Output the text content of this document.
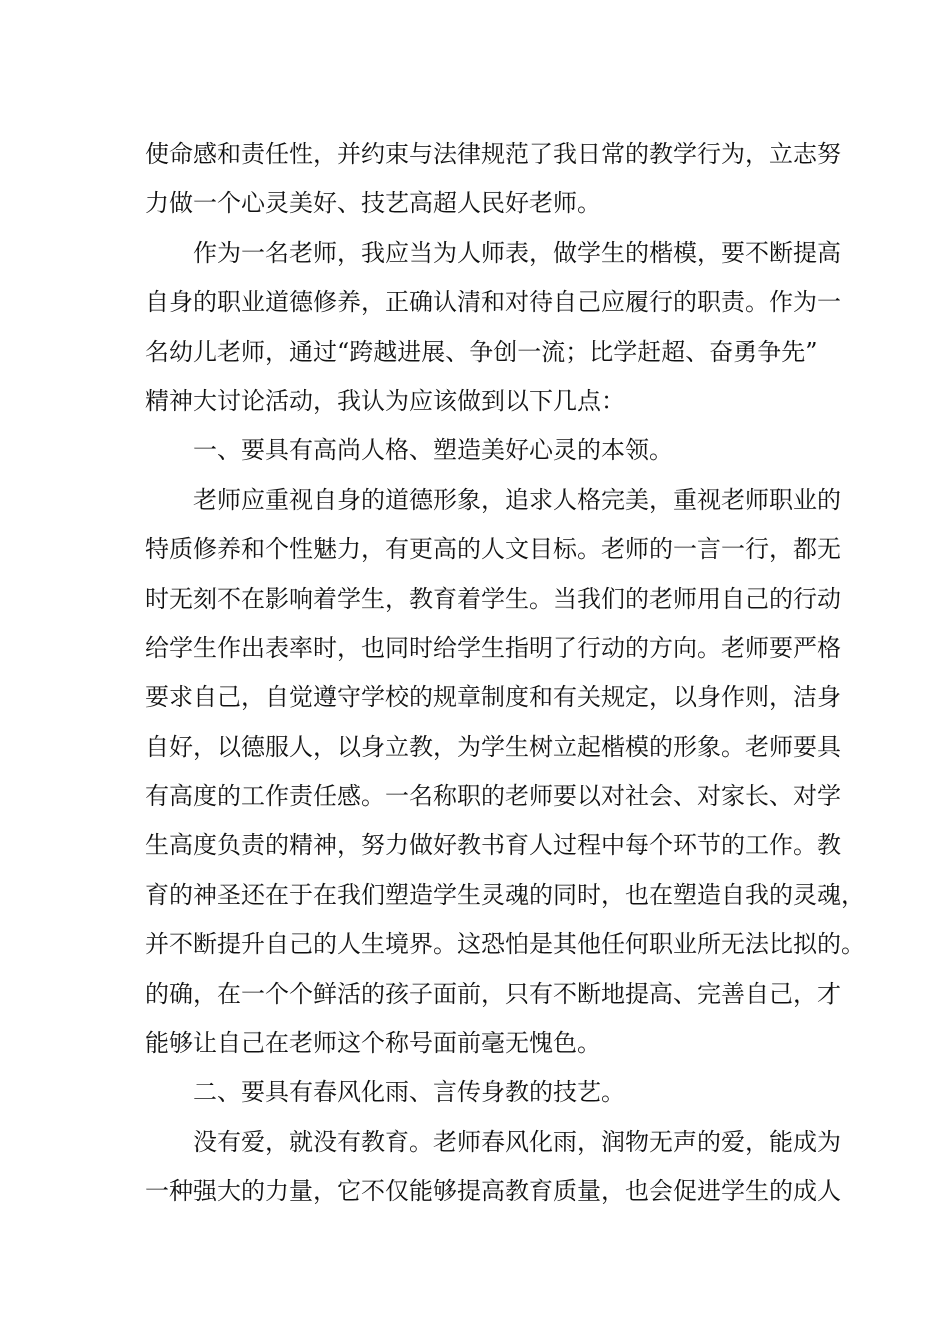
使命感和责任性，并约束与法律规范了我日常的教学行为，立志努
力做一个心灵美好、技艺高超人民好老师。
作为一名老师，我应当为人师表，做学生的楷模，要不断提高
自身的职业道德修养，正确认清和对待自己应履行的职责。作为一
名幼儿老师，通过“跨越进展、争创一流；比学赶超、奋勇争先”
精神大讨论活动，我认为应该做到以下几点：
一、要具有高尚人格、塑造美好心灵的本领。
老师应重视自身的道德形象，追求人格完美，重视老师职业的
特质修养和个性魅力，有更高的人文目标。老师的一言一行，都无
时无刻不在影响着学生，教育着学生。当我们的老师用自己的行动
给学生作出表率时，也同时给学生指明了行动的方向。老师要严格
要求自己，自觉遵守学校的规章制度和有关规定，以身作则，洁身
自好，以德服人，以身立教，为学生树立起楷模的形象。老师要具
有高度的工作责任感。一名称职的老师要以对社会、对家长、对学
生高度负责的精神，努力做好教书育人过程中每个环节的工作。教
育的神圣还在于在我们塑造学生灵魂的同时，也在塑造自我的灵魂，
并不断提升自己的人生境界。这恐怕是其他任何职业所无法比拟的。
的确，在一个个鲜活的孩子面前，只有不断地提高、完善自己，才
能够让自己在老师这个称号面前毫无愧色。
二、要具有春风化雨、言传身教的技艺。
没有爱，就没有教育。老师春风化雨，润物无声的爱，能成为
一种强大的力量，它不仅能够提高教育质量，也会促进学生的成人
